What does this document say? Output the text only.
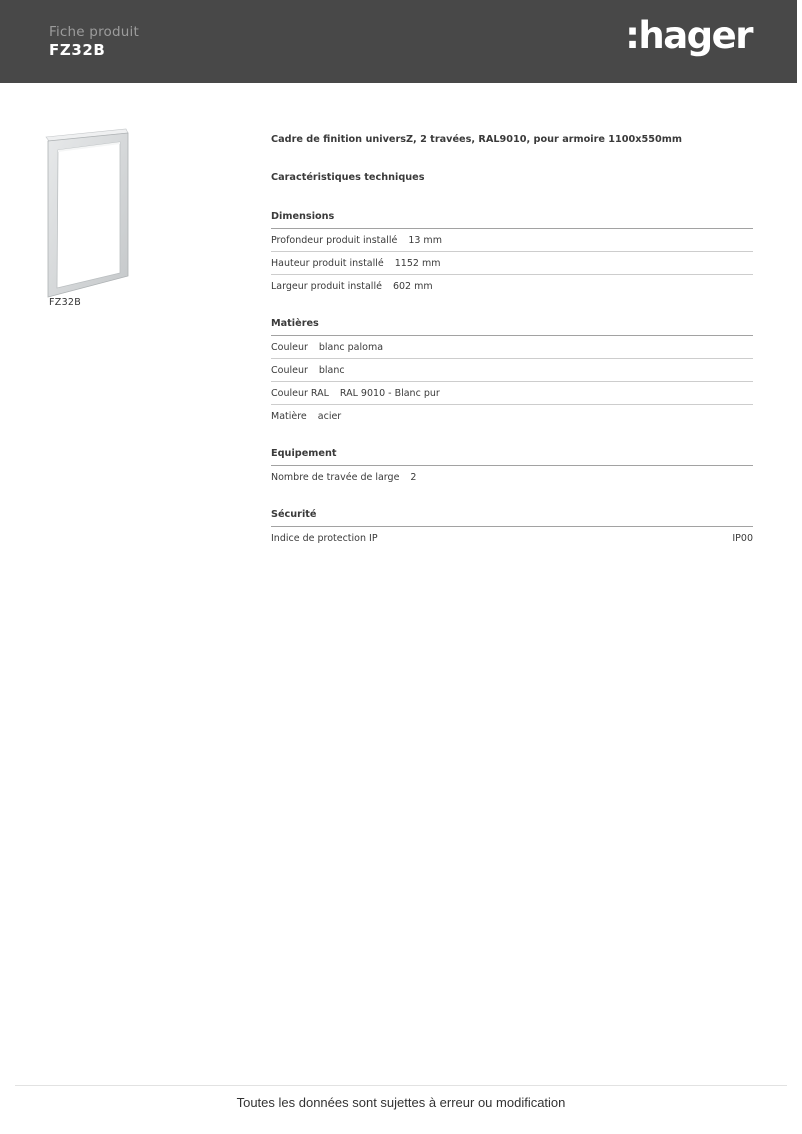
Fiche produit
FZ32B	:hager
FZ32B
Cadre de finition universZ, 2 travées, RAL9010, pour armoire 1100x550mm
Caractéristiques techniques
Dimensions
Profondeur produit installé 13 mm
Hauteur produit installé 1152 mm
Largeur produit installé 602 mm
Matières
Couleur blanc paloma
Couleur blanc
Couleur RAL RAL 9010 - Blanc pur
Matière acier
Equipement
Nombre de travée de large 2
Sécurité
Indice de protection IP	IP00
Toutes les données sont sujettes à erreur ou modification
